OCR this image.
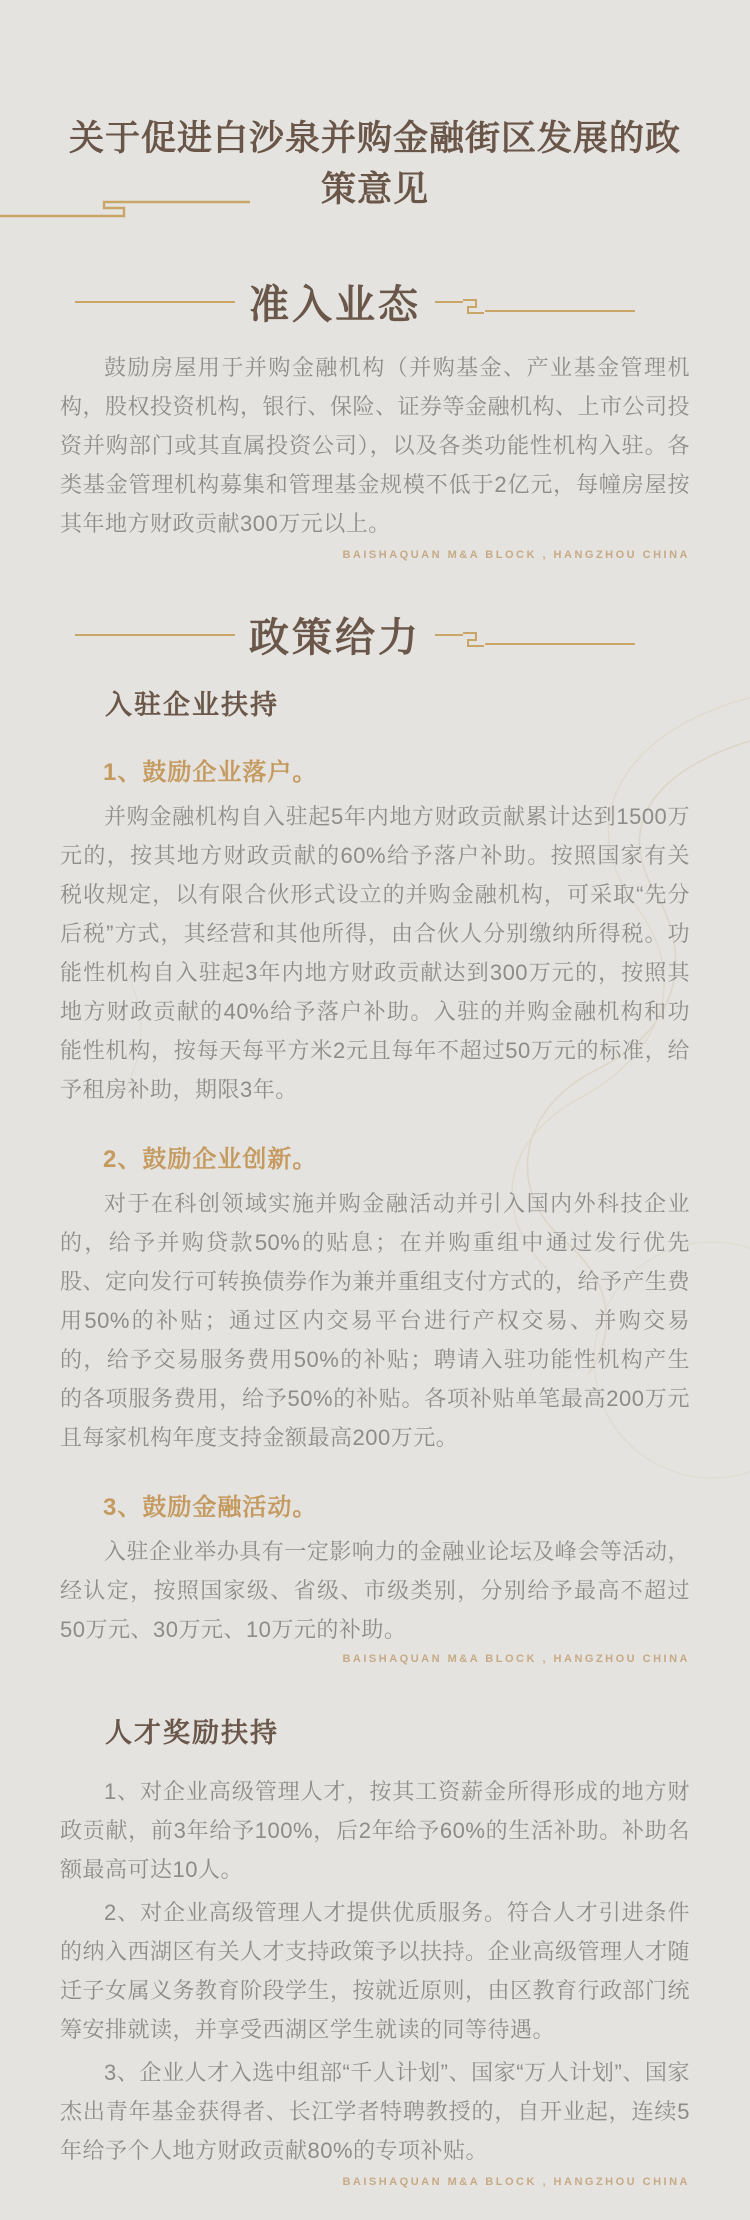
关于促进白沙泉并购金融街区发展的政策意见
准入业态

鼓励房屋用于并购金融机构（并购基金、产业基金管理机构，股权投资机构，银行、保险、证券等金融机构、上市公司投资并购部门或其直属投资公司），以及各类功能性机构入驻。各类基金管理机构募集和管理基金规模不低于2亿元，每幢房屋按其年地方财政贡献300万元以上。

BAISHAQUAN M&A BLOCK , HANGZHOU CHINA
政策给力
入驻企业扶持
1、鼓励企业落户。

并购金融机构自入驻起5年内地方财政贡献累计达到1500万元的，按其地方财政贡献的60%给予落户补助。按照国家有关税收规定，以有限合伙形式设立的并购金融机构，可采取“先分后税”方式，其经营和其他所得，由合伙人分别缴纳所得税。功能性机构自入驻起3年内地方财政贡献达到300万元的，按照其地方财政贡献的40%给予落户补助。入驻的并购金融机构和功能性机构，按每天每平方米2元且每年不超过50万元的标准，给予租房补助，期限3年。

2、鼓励企业创新。

对于在科创领域实施并购金融活动并引入国内外科技企业的，给予并购贷款50%的贴息；在并购重组中通过发行优先股、定向发行可转换债券作为兼并重组支付方式的，给予产生费用50%的补贴；通过区内交易平台进行产权交易、并购交易的，给予交易服务费用50%的补贴；聘请入驻功能性机构产生的各项服务费用，给予50%的补贴。各项补贴单笔最高200万元且每家机构年度支持金额最高200万元。

3、鼓励金融活动。

入驻企业举办具有一定影响力的金融业论坛及峰会等活动，经认定，按照国家级、省级、市级类别，分别给予最高不超过50万元、30万元、10万元的补助。

BAISHAQUAN M&A BLOCK , HANGZHOU CHINA
人才奖励扶持

1、对企业高级管理人才，按其工资薪金所得形成的地方财政贡献，前3年给予100%，后2年给予60%的生活补助。补助名额最高可达10人。

2、对企业高级管理人才提供优质服务。符合人才引进条件的纳入西湖区有关人才支持政策予以扶持。企业高级管理人才随迁子女属义务教育阶段学生，按就近原则，由区教育行政部门统筹安排就读，并享受西湖区学生就读的同等待遇。

3、企业人才入选中组部“千人计划”、国家“万人计划”、国家杰出青年基金获得者、长江学者特聘教授的，自开业起，连续5年给予个人地方财政贡献80%的专项补贴。

BAISHAQUAN M&A BLOCK , HANGZHOU CHINA
